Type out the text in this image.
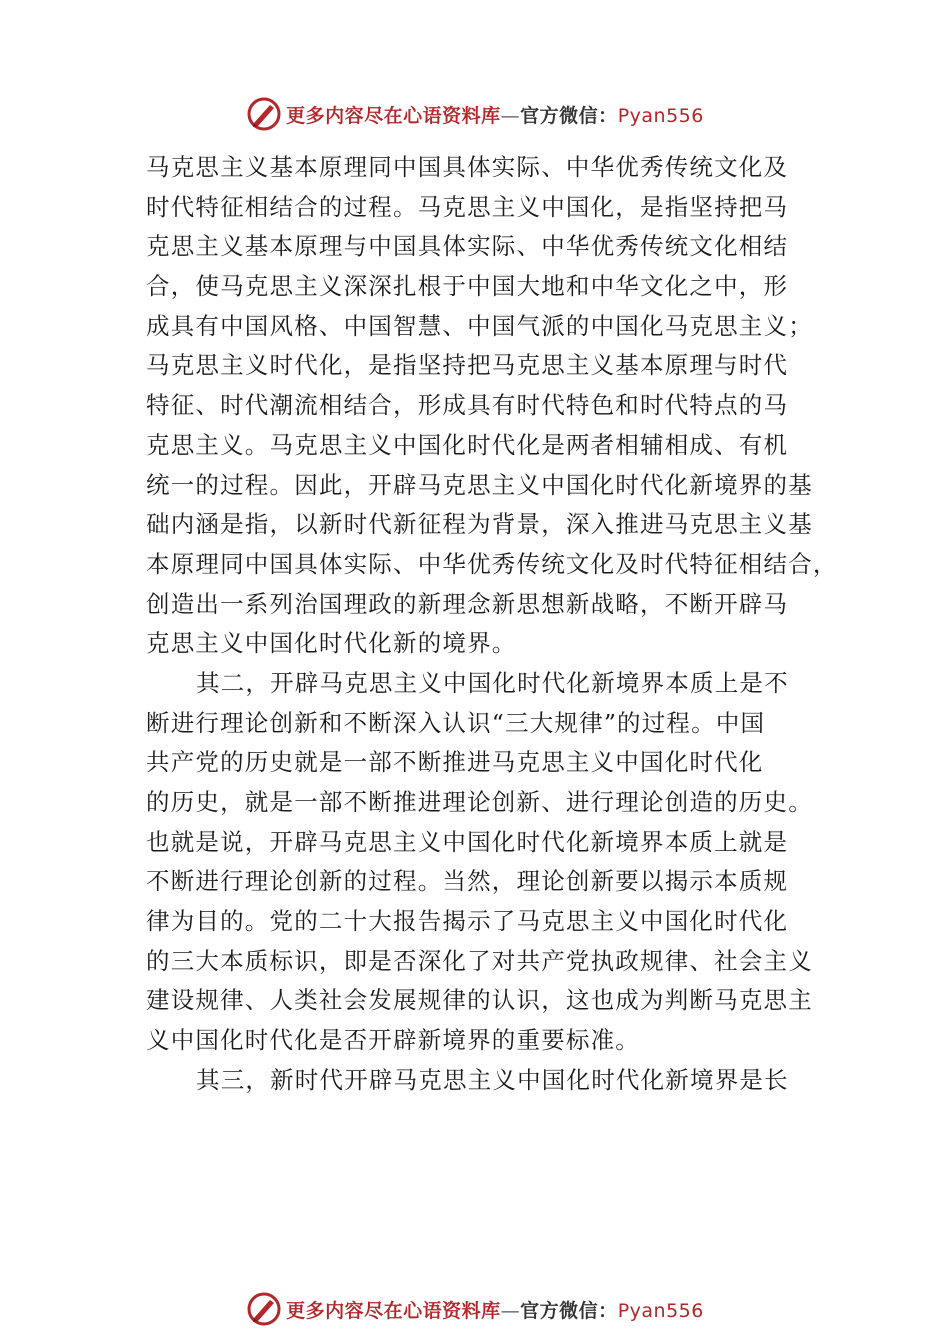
更多内容尽在心语资料库—官方微信：Pyan556
马克思主义基本原理同中国具体实际、中华优秀传统文化及
时代特征相结合的过程。马克思主义中国化，是指坚持把马
克思主义基本原理与中国具体实际、中华优秀传统文化相结
合，使马克思主义深深扎根于中国大地和中华文化之中，形
成具有中国风格、中国智慧、中国气派的中国化马克思主义；
马克思主义时代化，是指坚持把马克思主义基本原理与时代
特征、时代潮流相结合，形成具有时代特色和时代特点的马
克思主义。马克思主义中国化时代化是两者相辅相成、有机
统一的过程。因此，开辟马克思主义中国化时代化新境界的基
础内涵是指，以新时代新征程为背景，深入推进马克思主义基
本原理同中国具体实际、中华优秀传统文化及时代特征相结合，
创造出一系列治国理政的新理念新思想新战略，不断开辟马
克思主义中国化时代化新的境界。
其二，开辟马克思主义中国化时代化新境界本质上是不
断进行理论创新和不断深入认识“三大规律”的过程。中国
共产党的历史就是一部不断推进马克思主义中国化时代化
的历史，就是一部不断推进理论创新、进行理论创造的历史。
也就是说，开辟马克思主义中国化时代化新境界本质上就是
不断进行理论创新的过程。当然，理论创新要以揭示本质规
律为目的。党的二十大报告揭示了马克思主义中国化时代化
的三大本质标识，即是否深化了对共产党执政规律、社会主义
建设规律、人类社会发展规律的认识，这也成为判断马克思主
义中国化时代化是否开辟新境界的重要标准。
其三，新时代开辟马克思主义中国化时代化新境界是长
更多内容尽在心语资料库—官方微信：Pyan556
